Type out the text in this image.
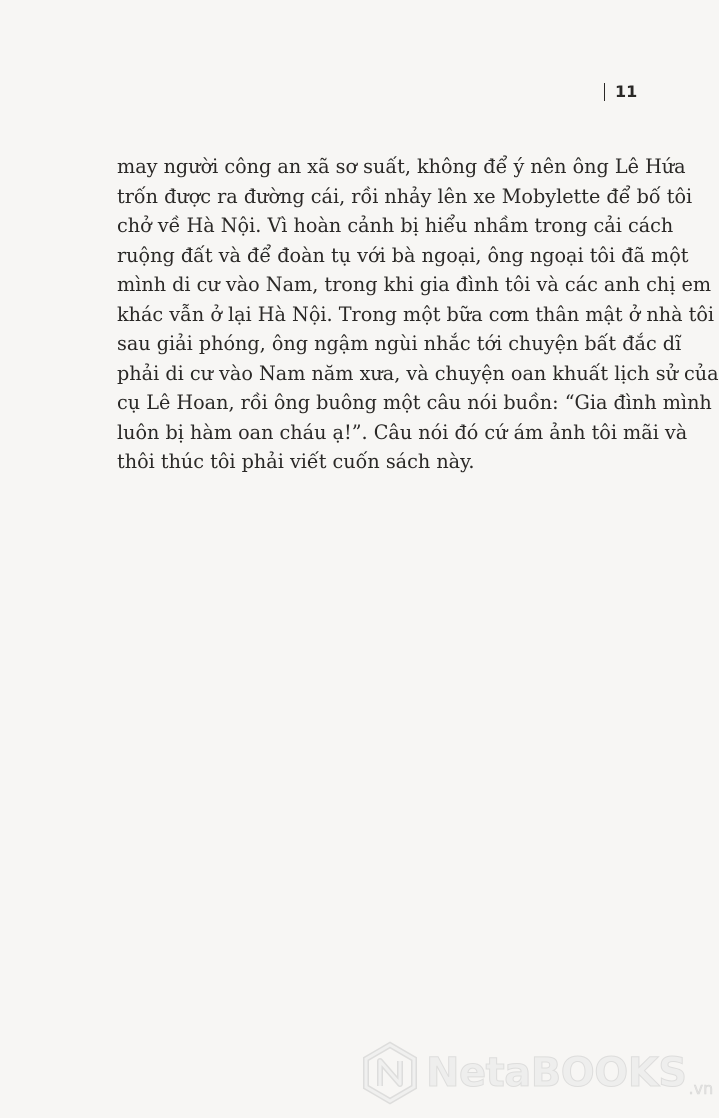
11
may người công an xã sơ suất, không để ý nên ông Lê Hứa
trốn được ra đường cái, rồi nhảy lên xe Mobylette để bố tôi
chở về Hà Nội. Vì hoàn cảnh bị hiểu nhầm trong cải cách
ruộng đất và để đoàn tụ với bà ngoại, ông ngoại tôi đã một
mình di cư vào Nam, trong khi gia đình tôi và các anh chị em
khác vẫn ở lại Hà Nội. Trong một bữa cơm thân mật ở nhà tôi
sau giải phóng, ông ngậm ngùi nhắc tới chuyện bất đắc dĩ
phải di cư vào Nam năm xưa, và chuyện oan khuất lịch sử của
cụ Lê Hoan, rồi ông buông một câu nói buồn: “Gia đình mình
luôn bị hàm oan cháu ạ!”. Câu nói đó cứ ám ảnh tôi mãi và
thôi thúc tôi phải viết cuốn sách này.
NetaBOOKS .vn
